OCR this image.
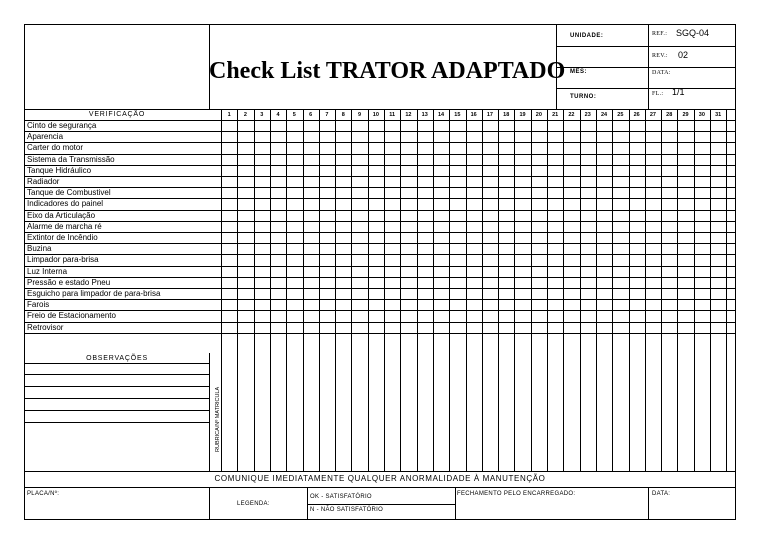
Check List TRATOR ADAPTADO
UNIDADE:
MÊS:
TURNO:
REF.: SGQ-04
REV.: 02
DATA:
FL.: 1/1
VERIFICAÇÃO	1	2	3	4	5	6	7	8	9	10	11	12	13	14	15	16	17	18	19	20	21	22	23	24	25	26	27	28	29	30	31
Cinto de segurança
Aparencia
Carter do motor
Sistema da Transmissão
Tanque Hidráulico
Radiador
Tanque de Combustivel
Indicadores do painel
Eixo da Articulação
Alarme de marcha ré
Extintor de Incêndio
Buzina
Limpador para-brisa
Luz Interna
Pressão e estado Pneu
Esguicho para limpador de para-brisa
Farois
Freio de Estacionamento
Retrovisor
OBSERVAÇÕES
RUBRICA/Nº MATRICULA
COMUNIQUE IMEDIATAMENTE QUALQUER ANORMALIDADE À MANUTENÇÃO
PLACA/Nº:
LEGENDA:
OK - SATISFATÓRIO
N - NÃO SATISFATÓRIO
FECHAMENTO PELO ENCARREGADO:	DATA:
